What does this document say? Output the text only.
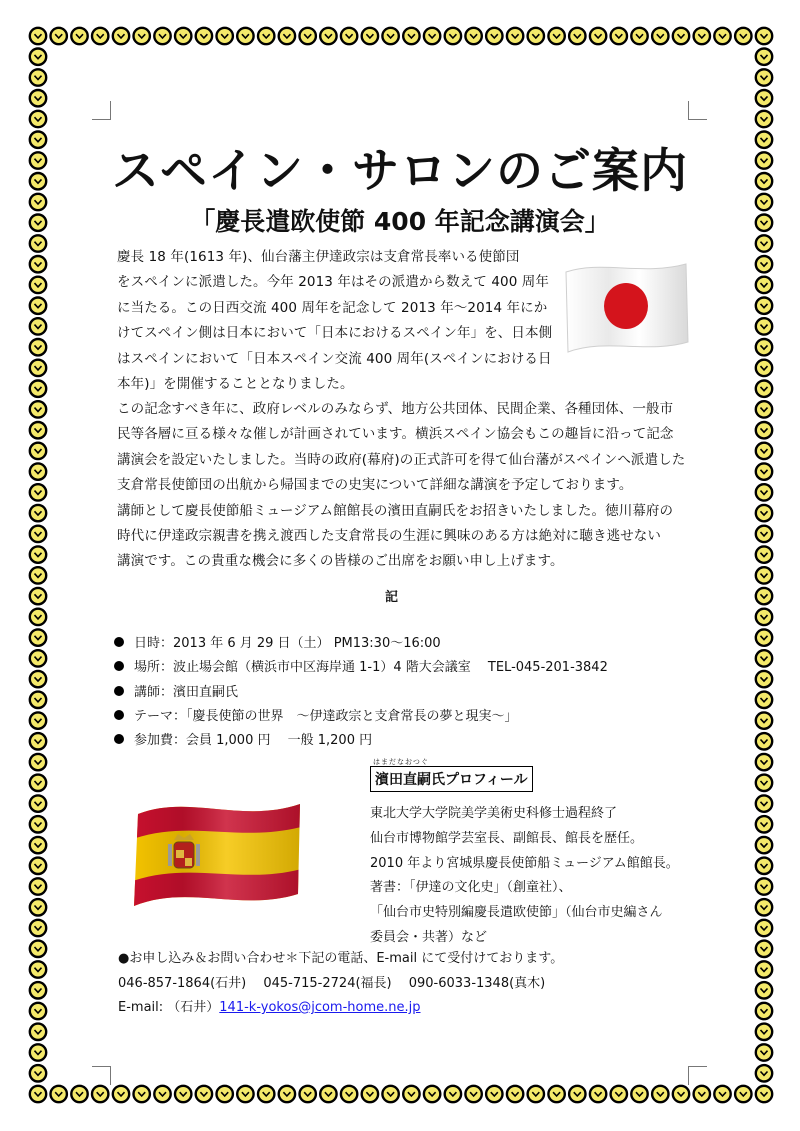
スペイン・サロンのご案内
「慶長遣欧使節 400 年記念講演会」
慶長 18 年(1613 年)、仙台藩主伊達政宗は支倉常長率いる使節団
をスペインに派遣した。今年 2013 年はその派遣から数えて 400 周年
に当たる。この日西交流 400 周年を記念して 2013 年～2014 年にか
けてスペイン側は日本において「日本におけるスペイン年」を、日本側
はスペインにおいて「日本スペイン交流 400 周年(スペインにおける日
本年)」を開催することとなりました。
この記念すべき年に、政府レベルのみならず、地方公共団体、民間企業、各種団体、一般市
民等各層に亘る様々な催しが計画されています。横浜スペイン協会もこの趣旨に沿って記念
講演会を設定いたしました。当時の政府(幕府)の正式許可を得て仙台藩がスペインへ派遣した
支倉常長使節団の出航から帰国までの史実について詳細な講演を予定しております。
講師として慶長使節船ミュージアム館館長の濱田直嗣氏をお招きいたしました。徳川幕府の
時代に伊達政宗親書を携え渡西した支倉常長の生涯に興味のある方は絶対に聴き逃せない
講演です。この貴重な機会に多くの皆様のご出席をお願い申し上げます。
記
日時：2013 年 6 月 29 日（土） PM13:30～16:00
場所：波止場会館（横浜市中区海岸通 1-1）4 階大会議室　 TEL-045-201-3842
講師：濱田直嗣氏
テーマ：「慶長使節の世界　～伊達政宗と支倉常長の夢と現実～」
参加費：会員 1,000 円　 一般 1,200 円
はまだなおつぐ
濱田直嗣氏プロフィール
東北大学大学院美学美術史科修士過程終了
仙台市博物館学芸室長、副館長、館長を歴任。
2010 年より宮城県慶長使節船ミュージアム館館長。
著書：「伊達の文化史」（創童社）、
「仙台市史特別編慶長遣欧使節」（仙台市史編さん
委員会・共著）など
●お申し込み＆お問い合わせ＊下記の電話、E-mail にて受付けております。
046-857-1864(石井)　 045-715-2724(福長)　 090-6033-1348(真木)
E-mail: （石井）141-k-yokos@jcom-home.ne.jp
